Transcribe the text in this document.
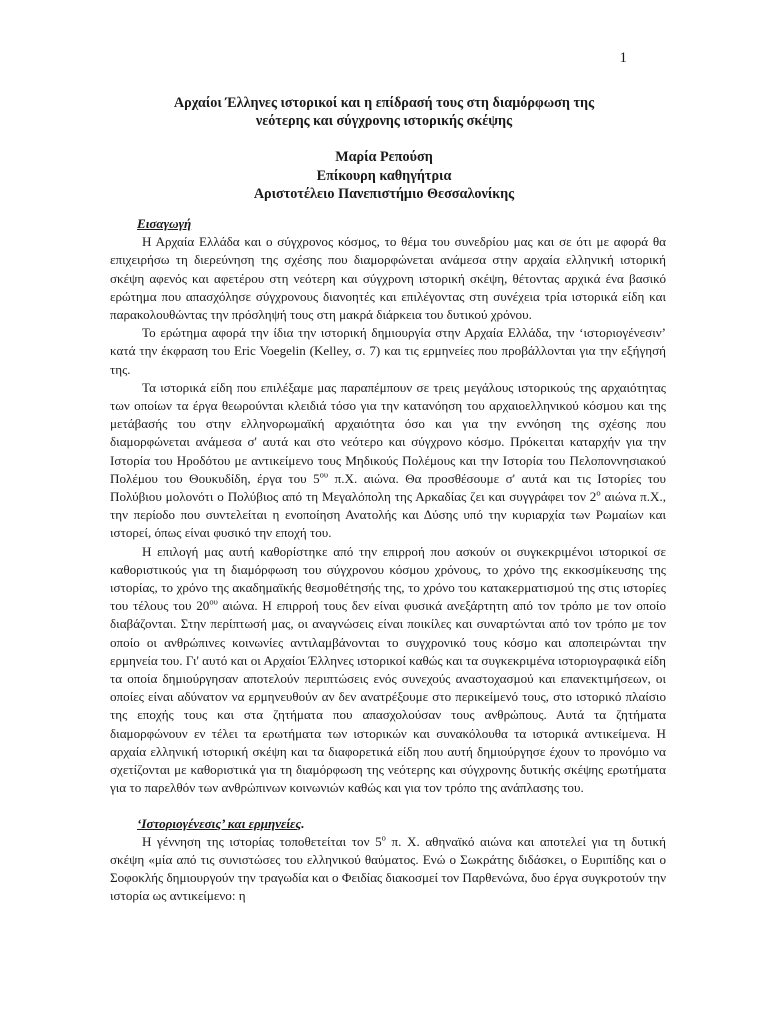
1
Αρχαίοι Έλληνες ιστορικοί και η επίδρασή τους στη διαμόρφωση της
νεότερης και σύγχρονης ιστορικής σκέψης
Μαρία Ρεπούση
Επίκουρη καθηγήτρια
Αριστοτέλειο Πανεπιστήμιο Θεσσαλονίκης
Εισαγωγή

Η Αρχαία Ελλάδα και ο σύγχρονος κόσμος, το θέμα του συνεδρίου μας και σε ότι με αφορά θα επιχειρήσω τη διερεύνηση της σχέσης που διαμορφώνεται ανάμεσα στην αρχαία ελληνική ιστορική σκέψη αφενός και αφετέρου στη νεότερη και σύγχρονη ιστορική σκέψη, θέτοντας αρχικά ένα βασικό ερώτημα που απασχόλησε σύγχρονους διανοητές και επιλέγοντας στη συνέχεια τρία ιστορικά είδη και παρακολουθώντας την πρόσληψή τους στη μακρά διάρκεια του δυτικού χρόνου.

Το ερώτημα αφορά την ίδια την ιστορική δημιουργία στην Αρχαία Ελλάδα, την ‘ιστοριογένεσιν’ κατά την έκφραση του Eric Voegelin (Kelley, σ. 7) και τις ερμηνείες που προβάλλονται για την εξήγησή της.

Τα ιστορικά είδη που επιλέξαμε μας παραπέμπουν σε τρεις μεγάλους ιστορικούς της αρχαιότητας των οποίων τα έργα θεωρούνται κλειδιά τόσο για την κατανόηση του αρχαιοελληνικού κόσμου και της μετάβασής του στην ελληνορωμαϊκή αρχαιότητα όσο και για την εννόηση της σχέσης που διαμορφώνεται ανάμεσα σ' αυτά και στο νεότερο και σύγχρονο κόσμο. Πρόκειται καταρχήν για την Ιστορία του Ηροδότου με αντικείμενο τους Μηδικούς Πολέμους και την Ιστορία του Πελοποννησιακού Πολέμου του Θουκυδίδη, έργα του $5^{o\upsilon}$ π.Χ. αιώνα. Θα προσθέσουμε σ' αυτά και τις Ιστορίες του Πολύβιου μολονότι ο Πολύβιος από τη Μεγαλόπολη της Αρκαδίας ζει και συγγράφει τον $2^o$ αιώνα π.Χ., την περίοδο που συντελείται η ενοποίηση Ανατολής και Δύσης υπό την κυριαρχία των Ρωμαίων και ιστορεί, όπως είναι φυσικό την εποχή του.

Η επιλογή μας αυτή καθορίστηκε από την επιρροή που ασκούν οι συγκεκριμένοι ιστορικοί σε καθοριστικούς για τη διαμόρφωση του σύγχρονου κόσμου χρόνους, το χρόνο της εκκοσμίκευσης της ιστορίας, το χρόνο της ακαδημαϊκής θεσμοθέτησής της, το χρόνο του κατακερματισμού της στις ιστορίες του τέλους του $20^{o\upsilon}$ αιώνα. Η επιρροή τους δεν είναι φυσικά ανεξάρτητη από τον τρόπο με τον οποίο διαβάζονται. Στην περίπτωσή μας, οι αναγνώσεις είναι ποικίλες και συναρτώνται από τον τρόπο με τον οποίο οι ανθρώπινες κοινωνίες αντιλαμβάνονται το συγχρονικό τους κόσμο και αποπειρώνται την ερμηνεία του. Γι' αυτό και οι Αρχαίοι Έλληνες ιστορικοί καθώς και τα συγκεκριμένα ιστοριογραφικά είδη τα οποία δημιούργησαν αποτελούν περιπτώσεις ενός συνεχούς αναστοχασμού και επανεκτιμήσεων, οι οποίες είναι αδύνατον να ερμηνευθούν αν δεν ανατρέξουμε στο περικείμενό τους, στο ιστορικό πλαίσιο της εποχής τους και στα ζητήματα που απασχολούσαν τους ανθρώπους. Αυτά τα ζητήματα διαμορφώνουν εν τέλει τα ερωτήματα των ιστορικών και συνακόλουθα τα ιστορικά αντικείμενα. Η αρχαία ελληνική ιστορική σκέψη και τα διαφορετικά είδη που αυτή δημιούργησε έχουν το προνόμιο να σχετίζονται με καθοριστικά για τη διαμόρφωση της νεότερης και σύγχρονης δυτικής σκέψης ερωτήματα για το παρελθόν των ανθρώπινων κοινωνιών καθώς και για τον τρόπο της ανάπλασης του.

‘Ιστοριογένεσις’ και ερμηνείες.

Η γέννηση της ιστορίας τοποθετείται τον $5^o$ π. Χ. αθηναϊκό αιώνα και αποτελεί για τη δυτική σκέψη «μία από τις συνιστώσες του ελληνικού θαύματος. Ενώ ο Σωκράτης διδάσκει, ο Ευριπίδης και ο Σοφοκλής δημιουργούν την τραγωδία και ο Φειδίας διακοσμεί τον Παρθενώνα, δυο έργα συγκροτούν την ιστορία ως αντικείμενο: η
